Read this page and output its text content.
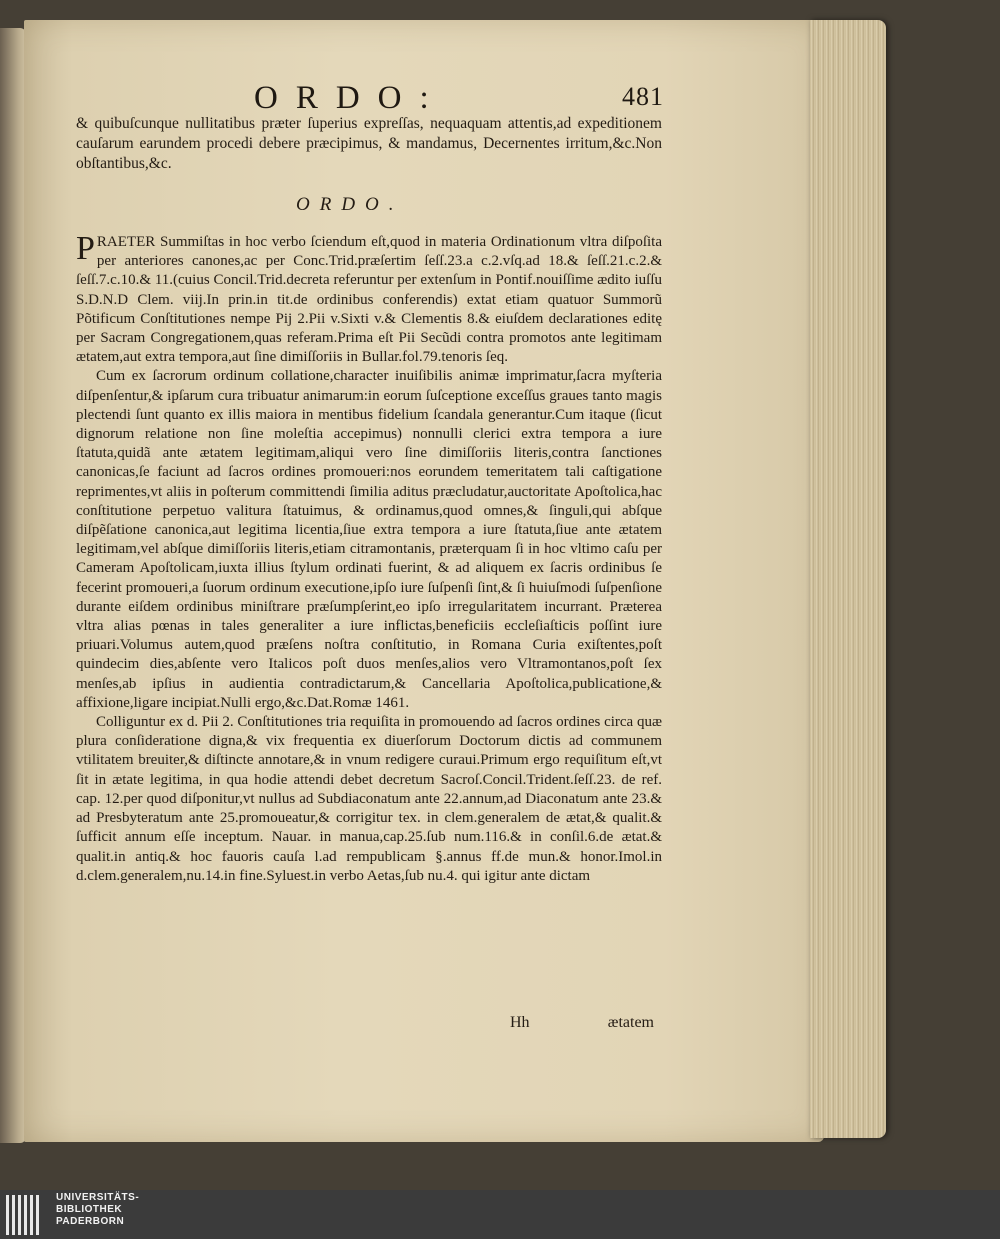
ORDO:	481
& quibuſcunque nullitatibus præter ſuperius expreſſas, nequaquam attentis,ad expeditionem cauſarum earundem procedi debere præcipimus, & mandamus, Decernentes irritum,&c.Non obſtantibus,&c.
ORDO.

PRAETER Summiſtas in hoc verbo ſciendum eſt,quod in materia Ordinationum vltra diſpoſita per anteriores canones,ac per Conc.Trid.præſertim ſeſſ.23.a c.2.vſq.ad 18.& ſeſſ.21.c.2.& ſeſſ.7.c.10.& 11.(cuius Concil.Trid.decreta referuntur per extenſum in Pontif.nouiſſime ædito iuſſu S.D.N.D Clem. viij.In prin.in tit.de ordinibus conferendis) extat etiam quatuor Summorũ Põtificum Conſtitutiones nempe Pij 2.Pii v.Sixti v.& Clementis 8.& eiuſdem declarationes editę per Sacram Congregationem,quas referam.Prima eſt Pii Secũdi contra promotos ante legitimam ætatem,aut extra tempora,aut ſine dimiſſoriis in Bullar.fol.79.tenoris ſeq.

Cum ex ſacrorum ordinum collatione,character inuiſibilis animæ imprimatur,ſacra myſteria diſpenſentur,& ipſarum cura tribuatur animarum:in eorum ſuſceptione exceſſus graues tanto magis plectendi ſunt quanto ex illis maiora in mentibus fidelium ſcandala generantur.Cum itaque (ſicut dignorum relatione non ſine moleſtia accepimus) nonnulli clerici extra tempora a iure ſtatuta,quidã ante ætatem legitimam,aliqui vero ſine dimiſſoriis literis,contra ſanctiones canonicas,ſe faciunt ad ſacros ordines promoueri:nos eorundem temeritatem tali caſtigatione reprimentes,vt aliis in poſterum committendi ſimilia aditus præcludatur,auctoritate Apoſtolica,hac conſtitutione perpetuo valitura ſtatuimus, & ordinamus,quod omnes,& ſinguli,qui abſque diſpẽſatione canonica,aut legitima licentia,ſiue extra tempora a iure ſtatuta,ſiue ante ætatem legitimam,vel abſque dimiſſoriis literis,etiam citramontanis, præterquam ſi in hoc vltimo caſu per Cameram Apoſtolicam,iuxta illius ſtylum ordinati fuerint, & ad aliquem ex ſacris ordinibus ſe fecerint promoueri,a ſuorum ordinum executione,ipſo iure ſuſpenſi ſint,& ſi huiuſmodi ſuſpenſione durante eiſdem ordinibus miniſtrare præſumpſerint,eo ipſo irregularitatem incurrant. Præterea vltra alias pœnas in tales generaliter a iure inflictas,beneficiis eccleſiaſticis poſſint iure priuari.Volumus autem,quod præſens noſtra conſtitutio, in Romana Curia exiſtentes,poſt quindecim dies,abſente vero Italicos poſt duos menſes,alios vero Vltramontanos,poſt ſex menſes,ab ipſius in audientia contradictarum,& Cancellaria Apoſtolica,publicatione,& affixione,ligare incipiat.Nulli ergo,&c.Dat.Romæ 1461.

Colliguntur ex d. Pii 2. Conſtitutiones tria requiſita in promouendo ad ſacros ordines circa quæ plura conſideratione digna,& vix frequentia ex diuerſorum Doctorum dictis ad communem vtilitatem breuiter,& diſtincte annotare,& in vnum redigere curaui.Primum ergo requiſitum eſt,vt ſit in ætate legitima, in qua hodie attendi debet decretum Sacroſ.Concil.Trident.ſeſſ.23. de ref. cap. 12.per quod diſponitur,vt nullus ad Subdiaconatum ante 22.annum,ad Diaconatum ante 23.& ad Presbyteratum ante 25.promoueatur,& corrigitur tex. in clem.generalem de ætat,& qualit.& ſufficit annum eſſe inceptum. Nauar. in manua,cap.25.ſub num.116.& in conſil.6.de ætat.& qualit.in antiq.& hoc fauoris cauſa l.ad rempublicam §.annus ff.de mun.& honor.Imol.in d.clem.generalem,nu.14.in fine.Syluest.in verbo Aetas,ſub nu.4. qui igitur ante dictam

Hh	ætatem
UNIVERSITÄTS-
BIBLIOTHEK
PADERBORN
